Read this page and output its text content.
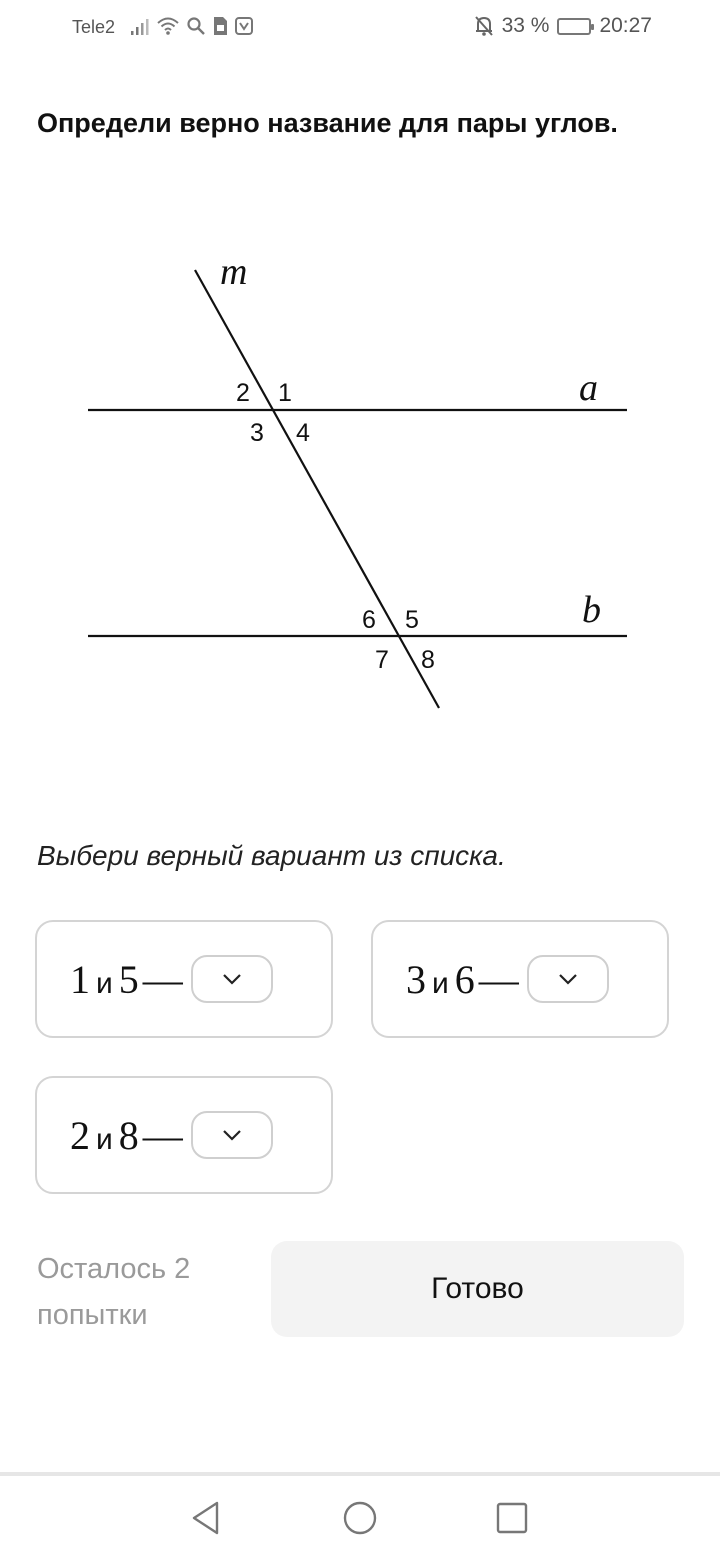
Tele2	33 % 20:27
Определи верно название для пары углов.
m
a
b
2 1
3 4
6 5
7 8
Выбери верный вариант из списка.
1 и 5 —	3 и 6 —
2 и 8 —
Осталось 2 попытки
Готово
